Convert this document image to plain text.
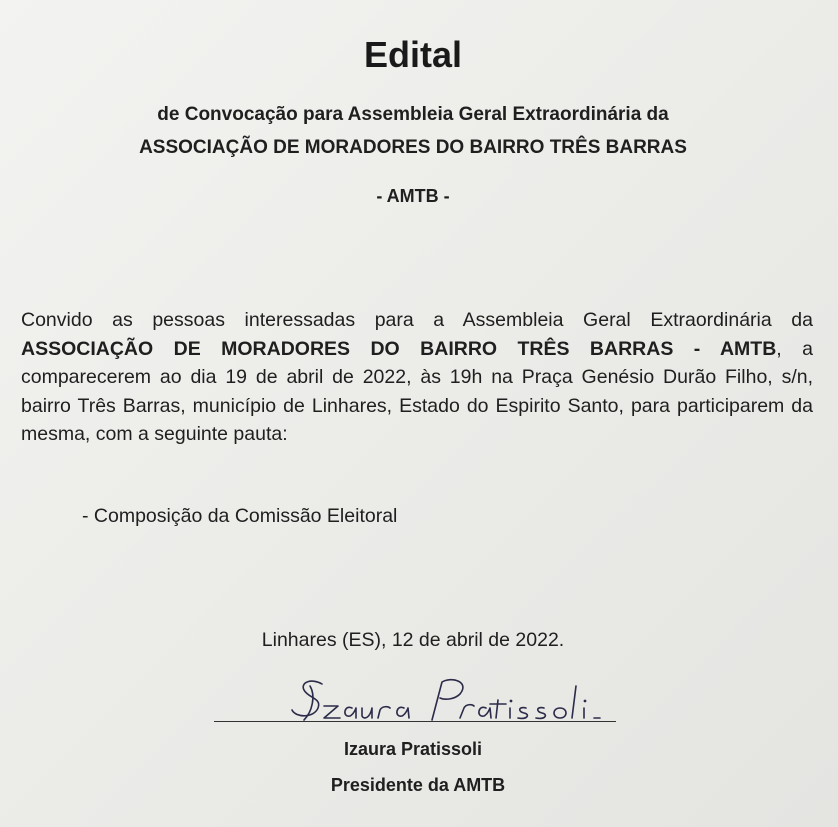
Edital
de Convocação para Assembleia Geral Extraordinária da
ASSOCIAÇÃO DE MORADORES DO BAIRRO TRÊS BARRAS
- AMTB -
Convido as pessoas interessadas para a Assembleia Geral Extraordinária da ASSOCIAÇÃO DE MORADORES DO BAIRRO TRÊS BARRAS - AMTB, a comparecerem ao dia 19 de abril de 2022, às 19h na Praça Genésio Durão Filho, s/n, bairro Três Barras, município de Linhares, Estado do Espirito Santo, para participarem da mesma, com a seguinte pauta:
- Composição da Comissão Eleitoral
Linhares (ES), 12 de abril de 2022.
Izaura Pratissoli
Presidente da AMTB
